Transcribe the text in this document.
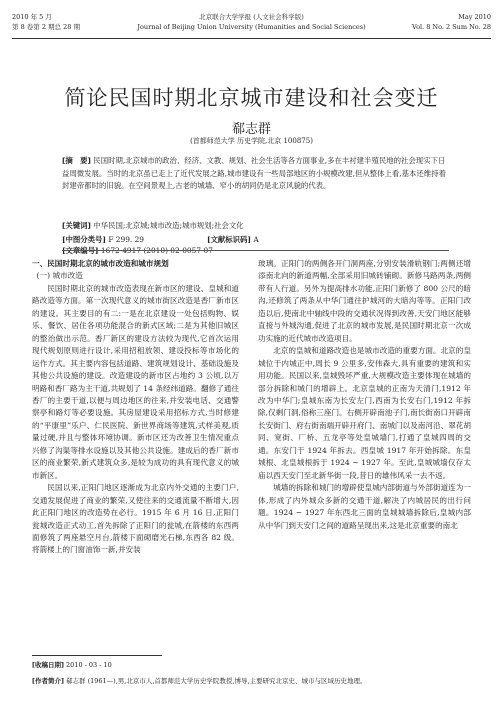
2010 年 5 月
第 8 卷第 2 期总 28 期
北京联合大学学报 (人文社会科学版)
Journal of Beijing Union University (Humanities and Social Sciences)
May 2010
Vol. 8 No. 2 Sum No. 28
简论民国时期北京城市建设和社会变迁
郗志群
(首都师范大学 历史学院,北京 100875)
[摘　要] 民国时期,北京城市的政治、经济、文教、规划、社会生活等各方面事业,多在丰衬建半殖民地的社会现实下日益周微发展。当时的北京虽已走上了近代发展之路,城市建设有一些局部地区的小规模改建,但从整体上看,基本还维持着封建帝都时的旧貌。在空间景观上,古老的城墙、窄小的胡同仍是北京风貌的代表。
[关键词] 中华民国;北京城;城市改造;城市规划;社会文化
[中图分类号] F 299. 29	[文献标识码] A[文章编号] 1672-4917 (2010) 02-0057-07

一、民国时期北京的城市改造和城市规划

(一) 城市改造

民国时期北京的城市改造表现在新市区的建设、皇城和道路改造等方面。第一次现代意义的城市街区改造是香厂新市区的建设。其主要目的有二:一是在北京建设一处包括购物、娱乐、餐饮、居住各项功能混合的新式区域;二是为其他旧城区的整治做出示范。香厂新区的建设方法较为现代,它首次运用现代规划原则进行设计,采用招租放领、建设投标等市场化的运作方式。其主要内容包括道路、建筑规划设计、基础设施及其他公共设施的建设。改造建设的新市区占地约 3 公顷,以万明路和香厂路为主干道,共规划了 14 条经纬道路。翻修了通往香厂的主要干道,以便与周边地区的往来,并安装电话、交通警察亭和路灯等必要设施。其房屋建设采用招标方式,当时修建的“平康里”乐户、仁民医院、新世界商场等建筑,式样美观,质量过硬,并且与整体环境协调。新市区还为改善卫生情况重点兴修了沟渠等排水设施以及其他公共设施。建成后的香厂新市区的商业繁荣,新式建筑众多,是较为成功的具有现代意义的城市新区。

民国以来,正阳门地区逐渐成为北京内外交通的主要门户,交通发展促进了商业的繁荣,又使往来的交通流量不断增大,因此正阳门地区的改造势在必行。1915 年 6 月 16 日,正阳门瓮城改造正式动工,首先拆除了正阳门的瓮城,在箭楼的东西两面修筑了两座悬空月台,箭楼下面砌磨光石梯,东西各 82 级。将箭楼上的门窗油饰一新,并安装

玻璃。正阳门的两侧各开门洞两座,分别安装滑轨钢门;两侧还增添南北向的新道两幅,全部采用旧城砖铺砌。新修马路两条,两侧带有人行道。另外为提高排水功能,正阳门新修了 800 公尺的暗沟,还修筑了两条从中华门通往护城河的大暗沟等等。正阳门改造以后,使南北中轴线中段的交通状况得到改善,天安门地区能够直接与外城沟通,促进了北京的城市发展,是民国时期北京一次成功实施的近代城市改造项目。

北京的皇城和道路改造也是城市改造的重要方面。北京的皇城位于内城正中,周长 9 公里多,安伟森大,具有重要的建筑和实用功能。民国以来,皇城毁坏严重,大规模改造主要体现在城墙的部分拆除和城门的增辟上。北京皇城的正南为天清门,1912 年改为中华门;皇城东南为长安左门,西南为长安右门,1912 年拆除,仅剩门洞,俗称三座门。右侧开辟南池子门,南长街南口开辟南长安街门、府右街南端开辟开府门、南城门以及南河沿、翠花胡同、宽街、厂桥、五龙亭等处皇城墙门,打通了皇城四周的交通。东安门于 1924 年拆去。西皇城 1917 年开始拆除。东皇城根、北皇城根拆于 1924 ~ 1927 年。至此,皇城城墙仅存太庙以西天安门至北新华街一段,昔日的雄伟风采一去不返。

城墙的拆除和城门的增辟使皇城内部街道与外部街道连为一体,形成了内外城众多新的交通干道,解决了内城居民的出行问题。1924 ~ 1927 年东西北三面的皇城城墙拆除后,皇城内部从中华门到天安门之间的道路呈现出来,这是北京重要的南北

[收稿日期] 2010 - 03 - 10
[作者简介] 郗志群 (1961—),男,北京市人,首都师范大学历史学院教授,博导,主要研究北京史、城市与区域历史地理。
